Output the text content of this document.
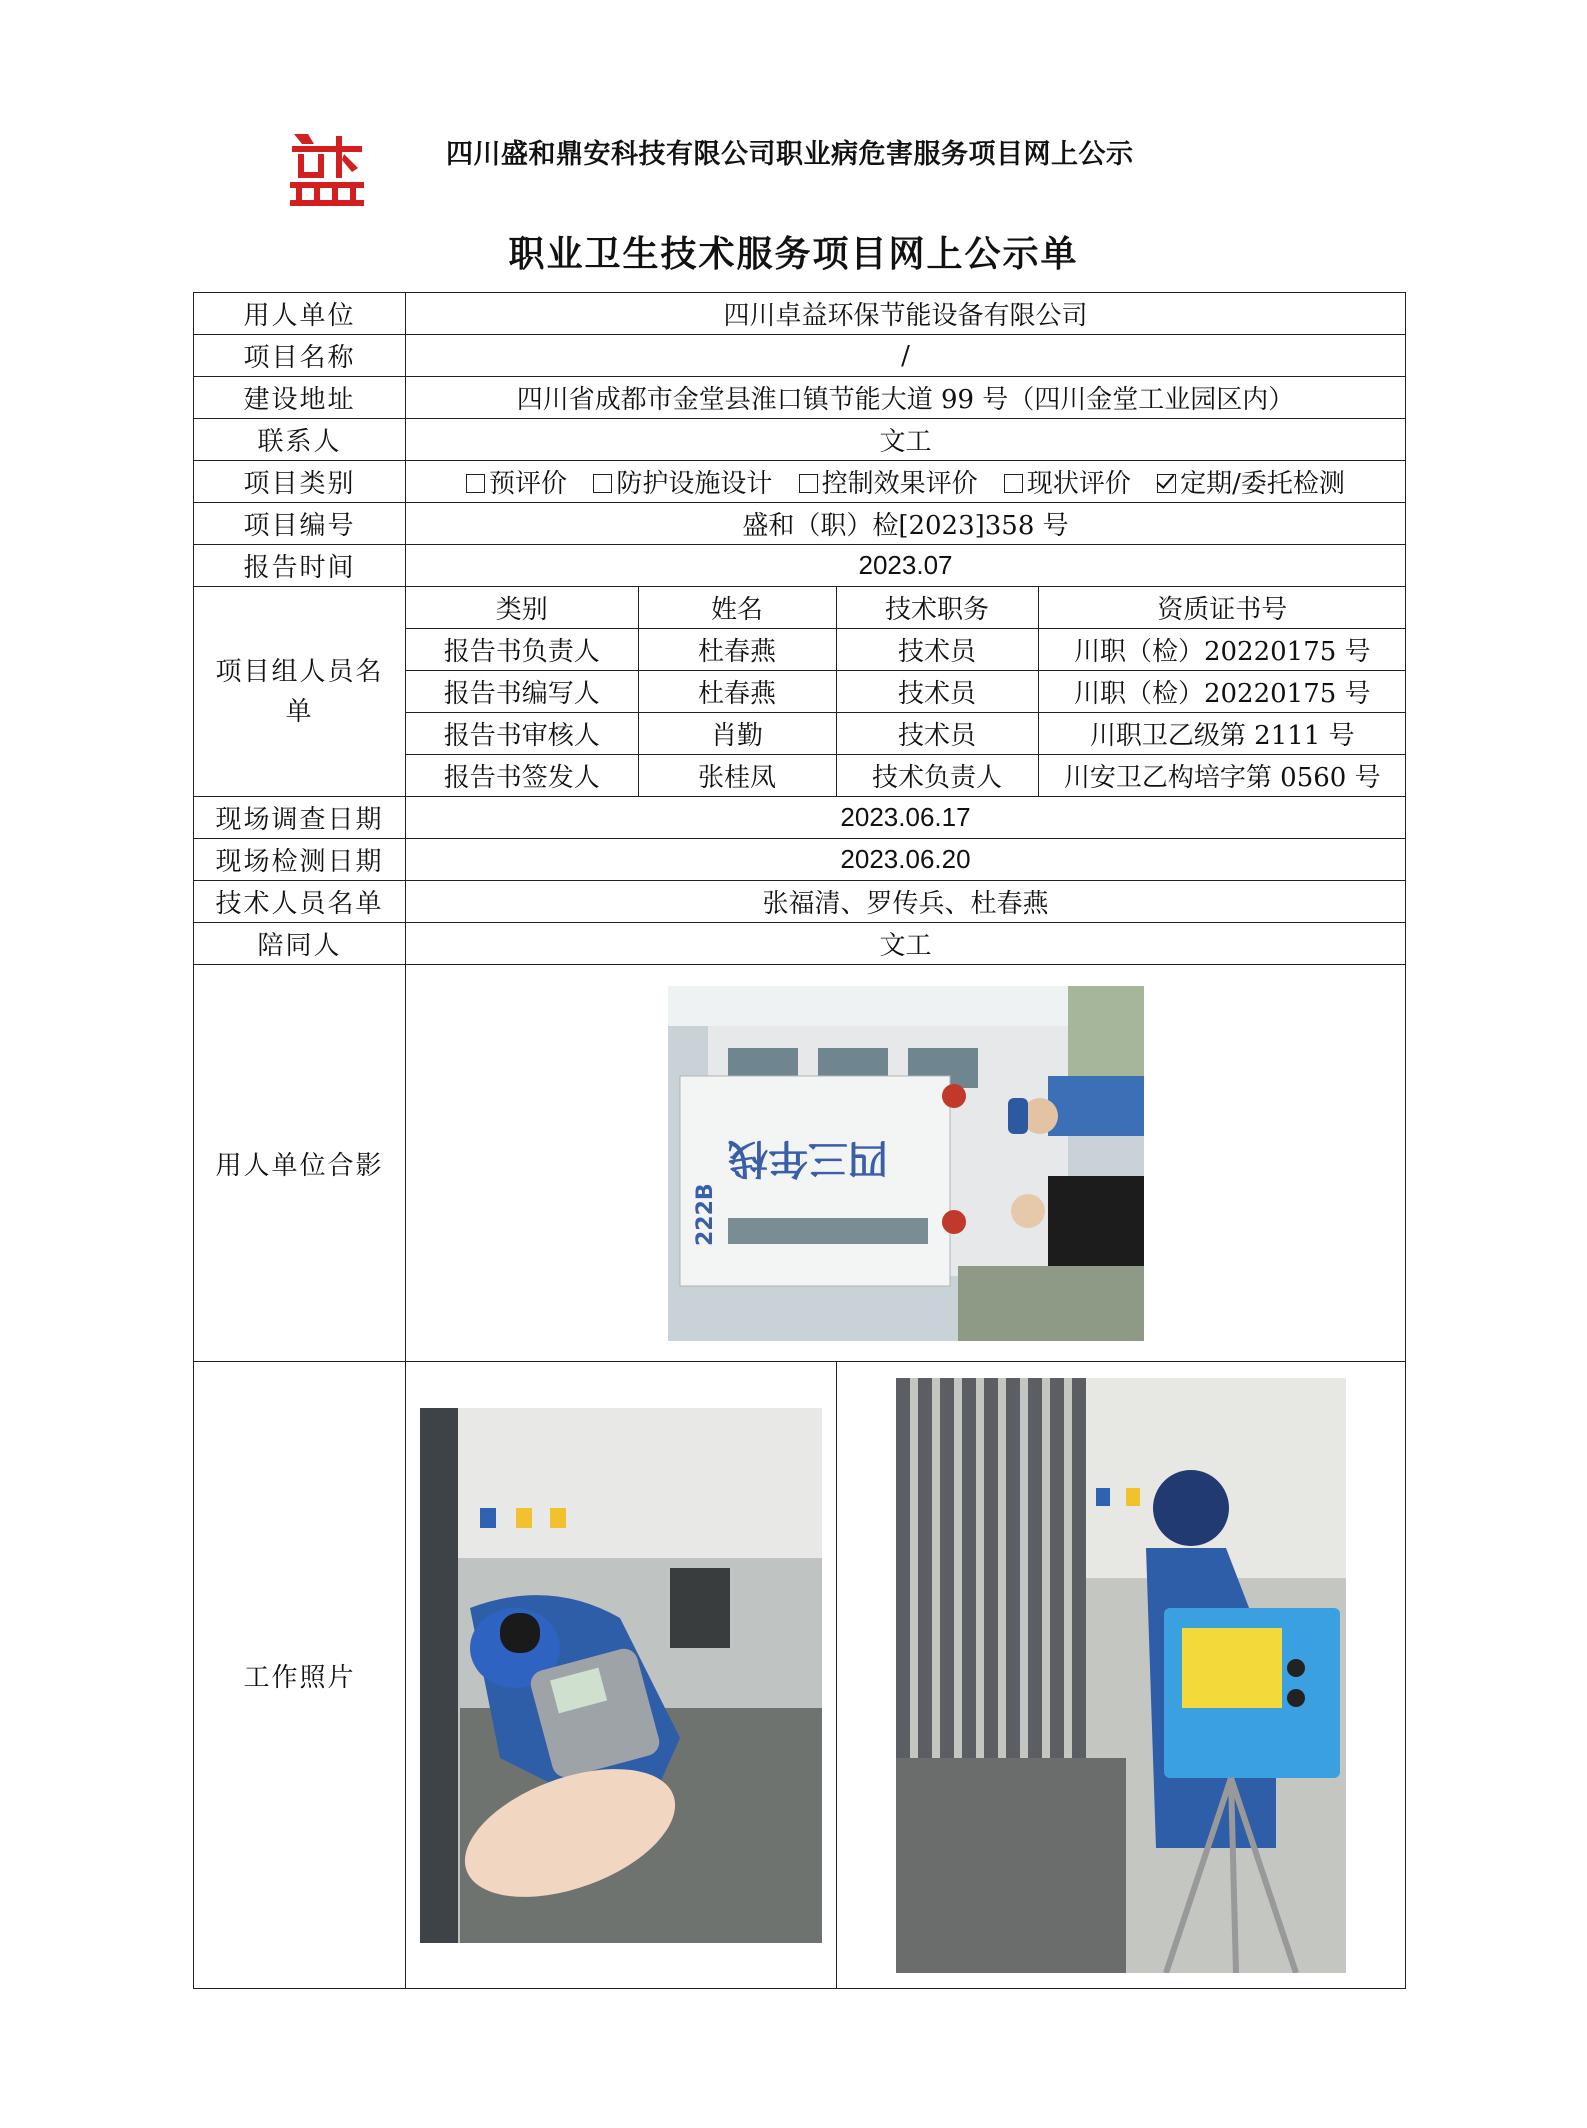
四川盛和鼎安科技有限公司职业病危害服务项目网上公示
职业卫生技术服务项目网上公示单
用人单位	四川卓益环保节能设备有限公司
项目名称	/
建设地址	四川省成都市金堂县淮口镇节能大道 99 号（四川金堂工业园区内）
联系人	文工
项目类别	预评价 防护设施设计 控制效果评价 现状评价 定期/委托检测
项目编号	盛和（职）检[2023]358 号
报告时间	2023.07
项目组人员名单	
类别	姓名	技术职务	资质证书号
报告书负责人	杜春燕	技术员	川职（检）20220175 号
报告书编写人	杜春燕	技术员	川职（检）20220175 号
报告书审核人	肖勤	技术员	川职卫乙级第 2111 号
报告书签发人	张桂凤	技术负责人	川安卫乙构培字第 0560 号

现场调查日期	2023.06.17
现场检测日期	2023.06.20
技术人员名单	张福清、罗传兵、杜春燕
陪同人	文工
用人单位合影	四三年栈
222B

工作照片	
